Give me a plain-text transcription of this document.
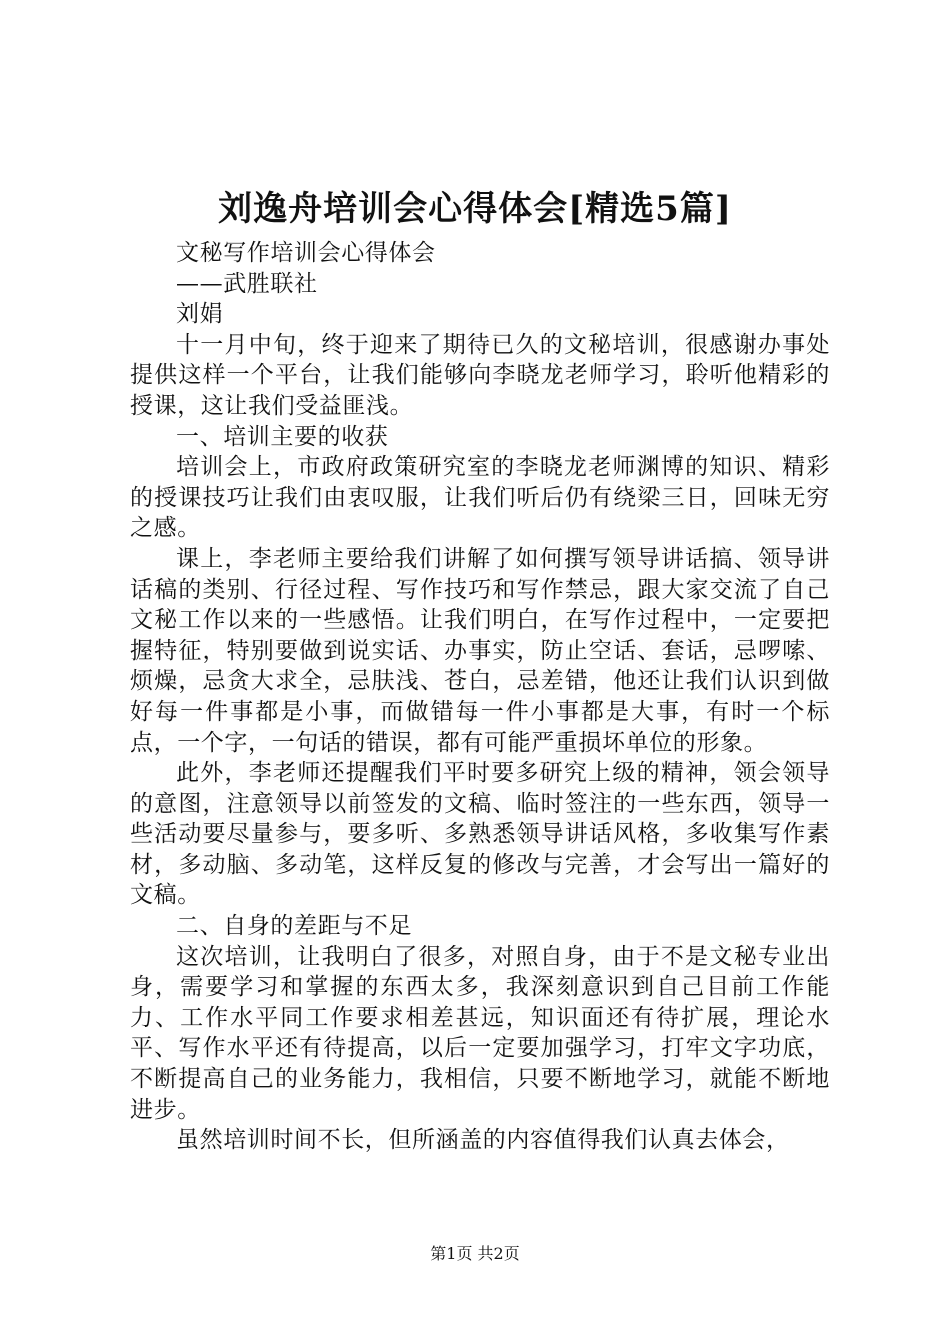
刘逸舟培训会心得体会[精选5篇]

文秘写作培训会心得体会

——武胜联社

刘娟

十一月中旬，终于迎来了期待已久的文秘培训，很感谢办事处提供这样一个平台，让我们能够向李晓龙老师学习，聆听他精彩的授课，这让我们受益匪浅。

一、培训主要的收获

培训会上，市政府政策研究室的李晓龙老师渊博的知识、精彩的授课技巧让我们由衷叹服，让我们听后仍有绕梁三日，回味无穷之感。

课上，李老师主要给我们讲解了如何撰写领导讲话搞、领导讲话稿的类别、行径过程、写作技巧和写作禁忌，跟大家交流了自己文秘工作以来的一些感悟。让我们明白，在写作过程中，一定要把握特征，特别要做到说实话、办事实，防止空话、套话，忌啰嗦、烦燥，忌贪大求全，忌肤浅、苍白，忌差错，他还让我们认识到做好每一件事都是小事，而做错每一件小事都是大事，有时一个标点，一个字，一句话的错误，都有可能严重损坏单位的形象。

此外，李老师还提醒我们平时要多研究上级的精神，领会领导的意图，注意领导以前签发的文稿、临时签注的一些东西，领导一些活动要尽量参与，要多听、多熟悉领导讲话风格，多收集写作素材，多动脑、多动笔，这样反复的修改与完善，才会写出一篇好的文稿。

二、自身的差距与不足

这次培训，让我明白了很多，对照自身，由于不是文秘专业出身，需要学习和掌握的东西太多，我深刻意识到自己目前工作能力、工作水平同工作要求相差甚远，知识面还有待扩展，理论水平、写作水平还有待提高，以后一定要加强学习，打牢文字功底，不断提高自己的业务能力，我相信，只要不断地学习，就能不断地进步。

虽然培训时间不长，但所涵盖的内容值得我们认真去体会，

第1页 共2页
